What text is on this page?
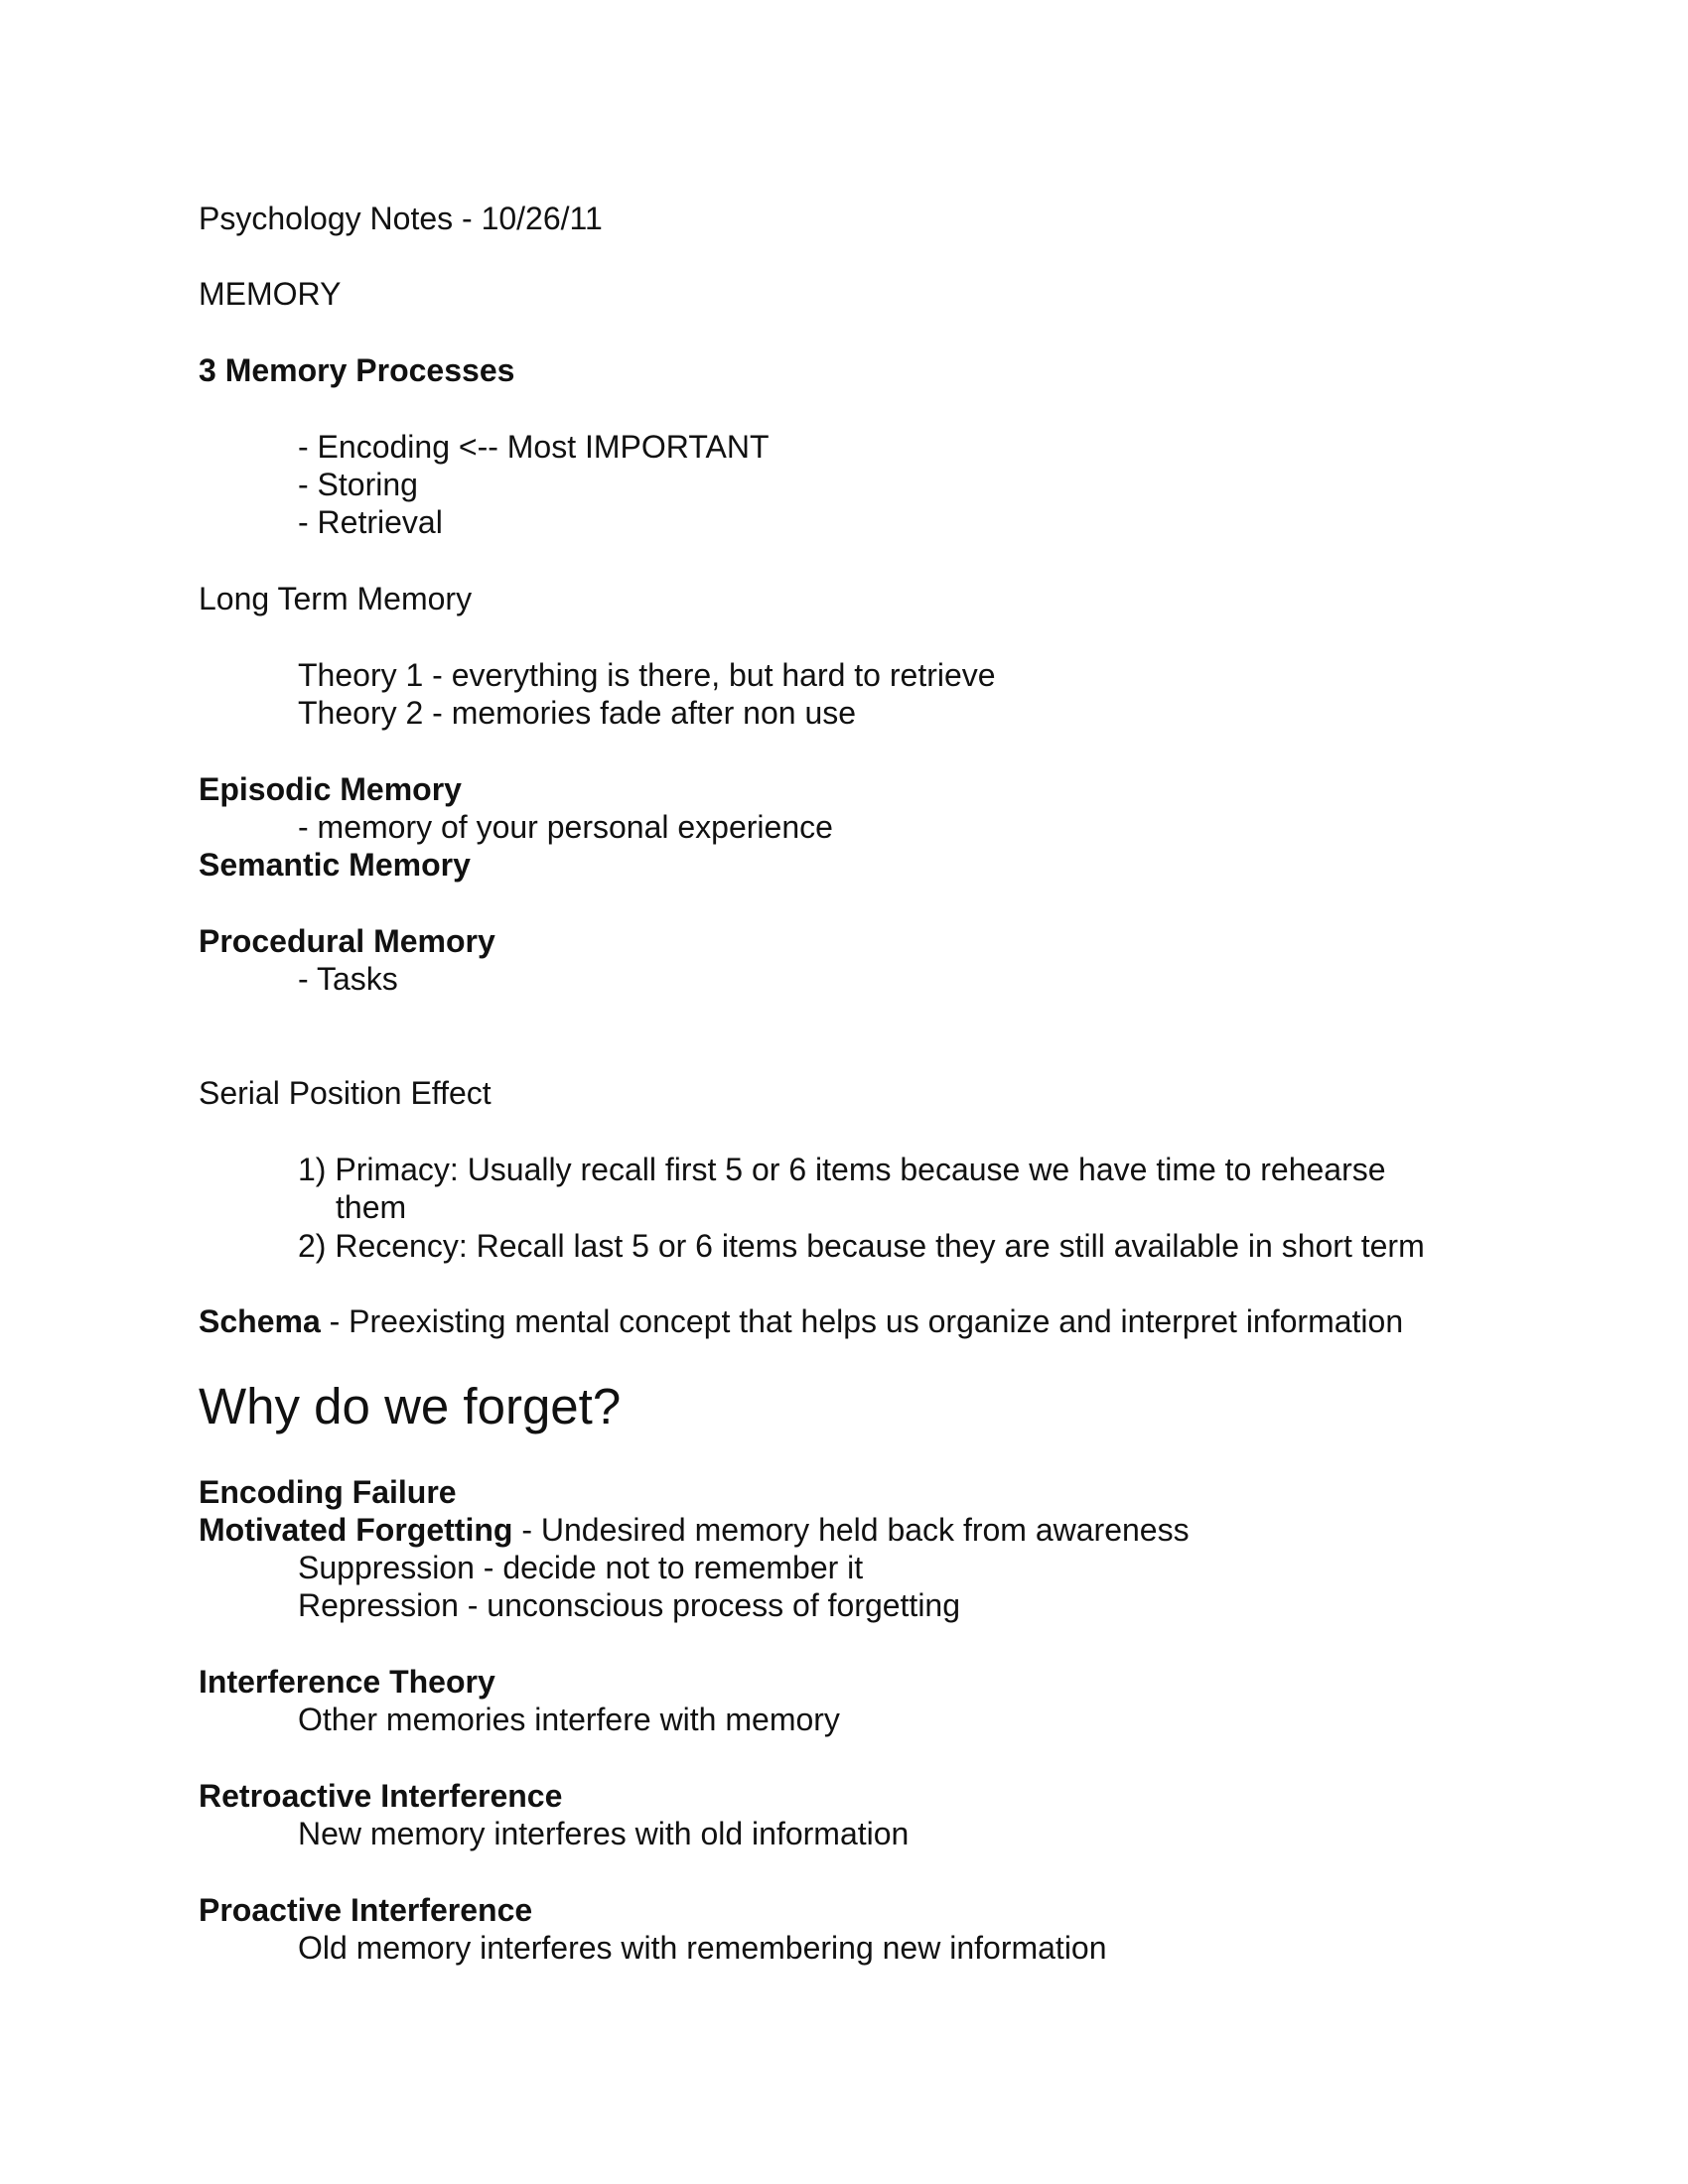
Psychology Notes - 10/26/11
MEMORY
3 Memory Processes
- Encoding <-- Most IMPORTANT
- Storing
- Retrieval
Long Term Memory
Theory 1 - everything is there, but hard to retrieve
Theory 2 - memories fade after non use
Episodic Memory
- memory of your personal experience
Semantic Memory
Procedural Memory
- Tasks
Serial Position Effect
1) Primacy: Usually recall first 5 or 6 items because we have time to rehearse
them
2) Recency: Recall last 5 or 6 items because they are still available in short term
Schema - Preexisting mental concept that helps us organize and interpret information
Why do we forget?
Encoding Failure
Motivated Forgetting - Undesired memory held back from awareness
Suppression - decide not to remember it
Repression - unconscious process of forgetting
Interference Theory
Other memories interfere with memory
Retroactive Interference
New memory interferes with old information
Proactive Interference
Old memory interferes with remembering new information
